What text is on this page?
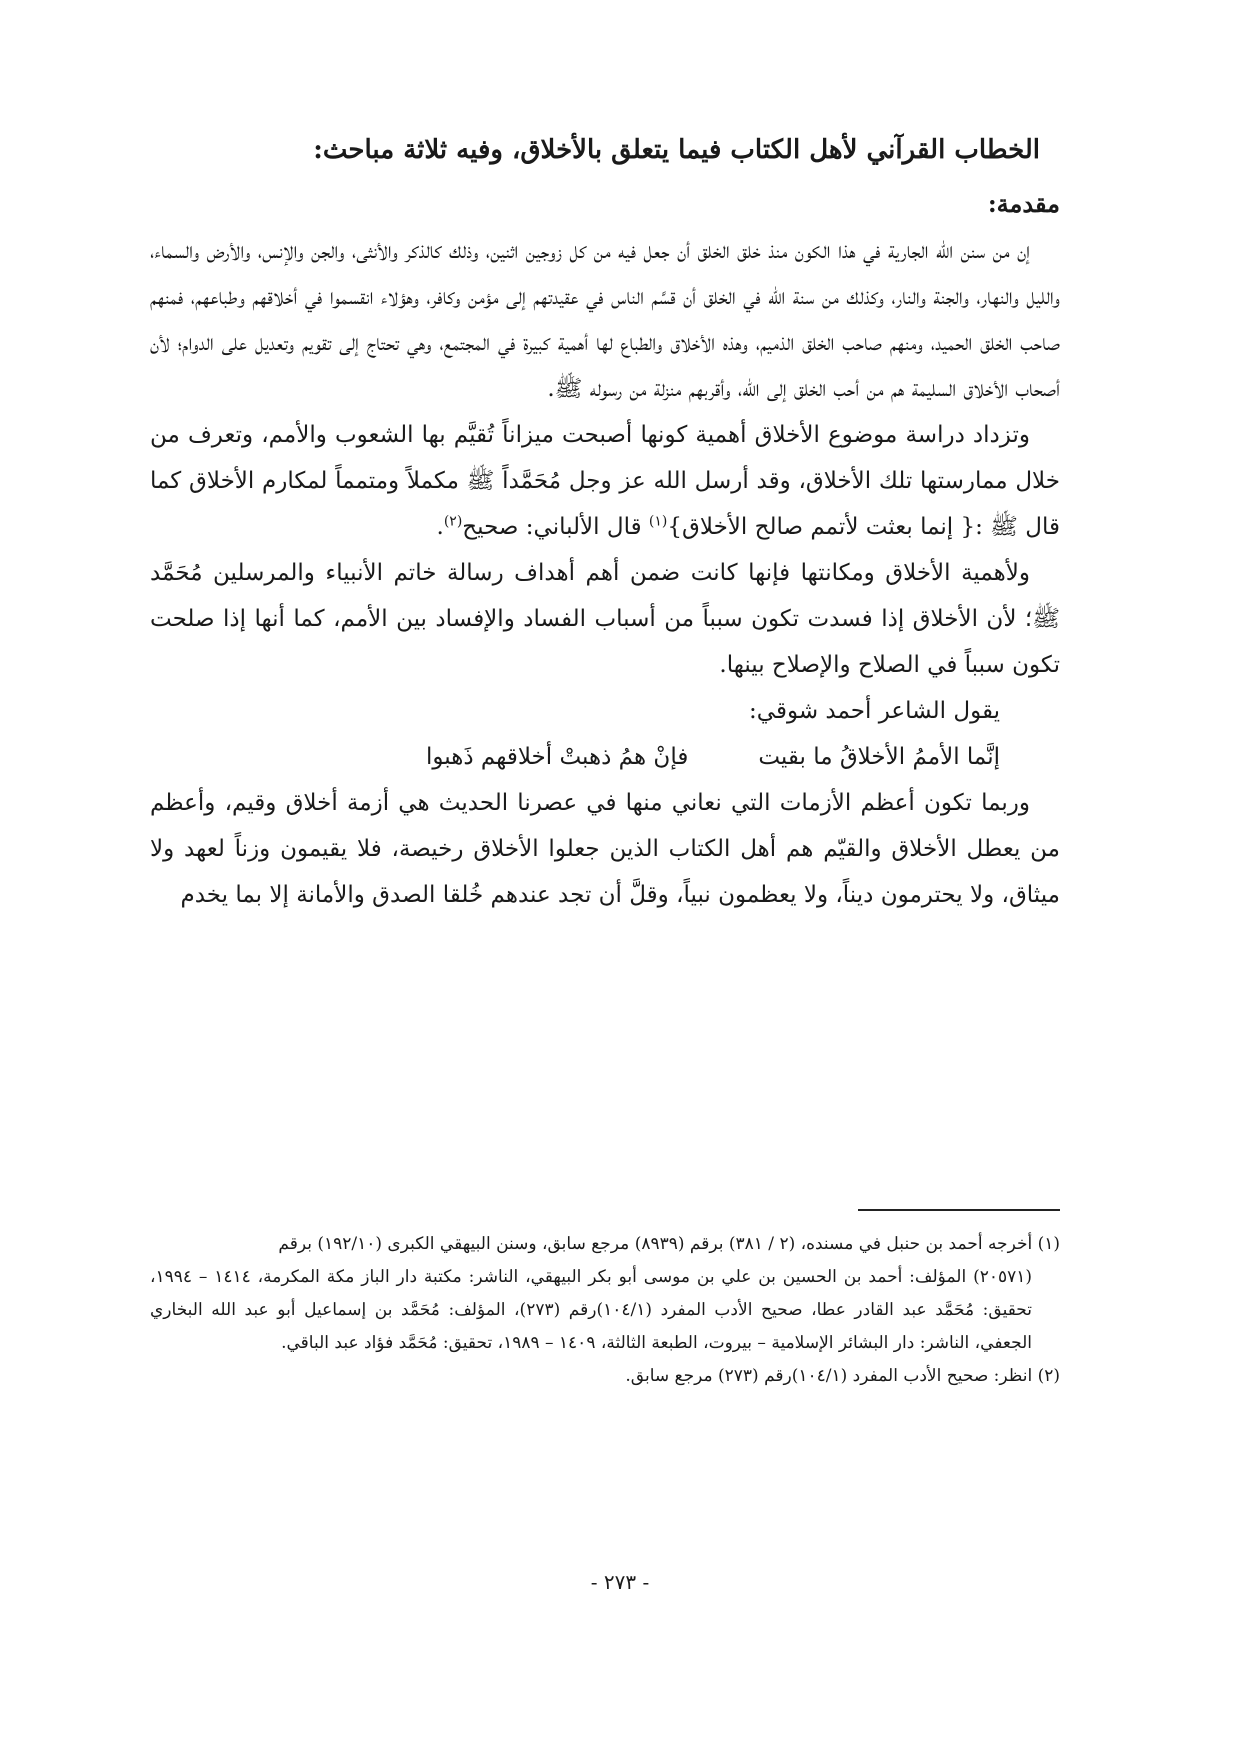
الخطاب القرآني لأهل الكتاب فيما يتعلق بالأخلاق، وفيه ثلاثة مباحث:

مقدمة:

إن من سنن الله الجارية في هذا الكون منذ خلق الخلق أن جعل فيه من كل زوجين اثنين، وذلك كالذكر والأنثى، والجن والإنس، والأرض والسماء، والليل والنهار، والجنة والنار، وكذلك من سنة الله في الخلق أن قسَّم الناس في عقيدتهم إلى مؤمن وكافر، وهؤلاء انقسموا في أخلاقهم وطباعهم، فمنهم صاحب الخلق الحميد، ومنهم صاحب الخلق الذميم، وهذه الأخلاق والطباع لها أهمية كبيرة في المجتمع، وهي تحتاج إلى تقويم وتعديل على الدوام؛ لأن أصحاب الأخلاق السليمة هم من أحب الخلق إلى الله، وأقربهم منزلة من رسوله ﷺ.

وتزداد دراسة موضوع الأخلاق أهمية كونها أصبحت ميزاناً تُقيَّم بها الشعوب والأمم، وتعرف من خلال ممارستها تلك الأخلاق، وقد أرسل الله عز وجل مُحَمَّداً ﷺ مكملاً ومتمماً لمكارم الأخلاق كما قال ﷺ :{ إنما بعثت لأتمم صالح الأخلاق}$^{(١)}$ قال الألباني: صحيح$^{(٢)}$.

ولأهمية الأخلاق ومكانتها فإنها كانت ضمن أهم أهداف رسالة خاتم الأنبياء والمرسلين مُحَمَّد ﷺ؛ لأن الأخلاق إذا فسدت تكون سبباً من أسباب الفساد والإفساد بين الأمم، كما أنها إذا صلحت تكون سبباً في الصلاح والإصلاح بينها.

يقول الشاعر أحمد شوقي:

إنَّما الأممُ الأخلاقُ ما بقيت
فإنْ همُ ذهبتْ أخلاقهم ذَهبوا

وربما تكون أعظم الأزمات التي نعاني منها في عصرنا الحديث هي أزمة أخلاق وقيم، وأعظم من يعطل الأخلاق والقيّم هم أهل الكتاب الذين جعلوا الأخلاق رخيصة، فلا يقيمون وزناً لعهد ولا ميثاق، ولا يحترمون ديناً، ولا يعظمون نبياً، وقلَّ أن تجد عندهم خُلقا الصدق والأمانة إلا بما يخدم

(١) أخرجه أحمد بن حنبل في مسنده، (٢ / ٣٨١) برقم (٨٩٣٩) مرجع سابق، وسنن البيهقي الكبرى (١٩٢/١٠) برقم

(٢٠٥٧١) المؤلف: أحمد بن الحسين بن علي بن موسى أبو بكر البيهقي، الناشر: مكتبة دار الباز مكة المكرمة، ١٤١٤ – ١٩٩٤، تحقيق: مُحَمَّد عبد القادر عطا، صحيح الأدب المفرد (١٠٤/١)رقم (٢٧٣)، المؤلف: مُحَمَّد بن إسماعيل أبو عبد الله البخاري الجعفي، الناشر: دار البشائر الإسلامية – بيروت، الطبعة الثالثة، ١٤٠٩ – ١٩٨٩، تحقيق: مُحَمَّد فؤاد عبد الباقي.

(٢) انظر: صحيح الأدب المفرد (١٠٤/١)رقم (٢٧٣) مرجع سابق.

- ٢٧٣ -
